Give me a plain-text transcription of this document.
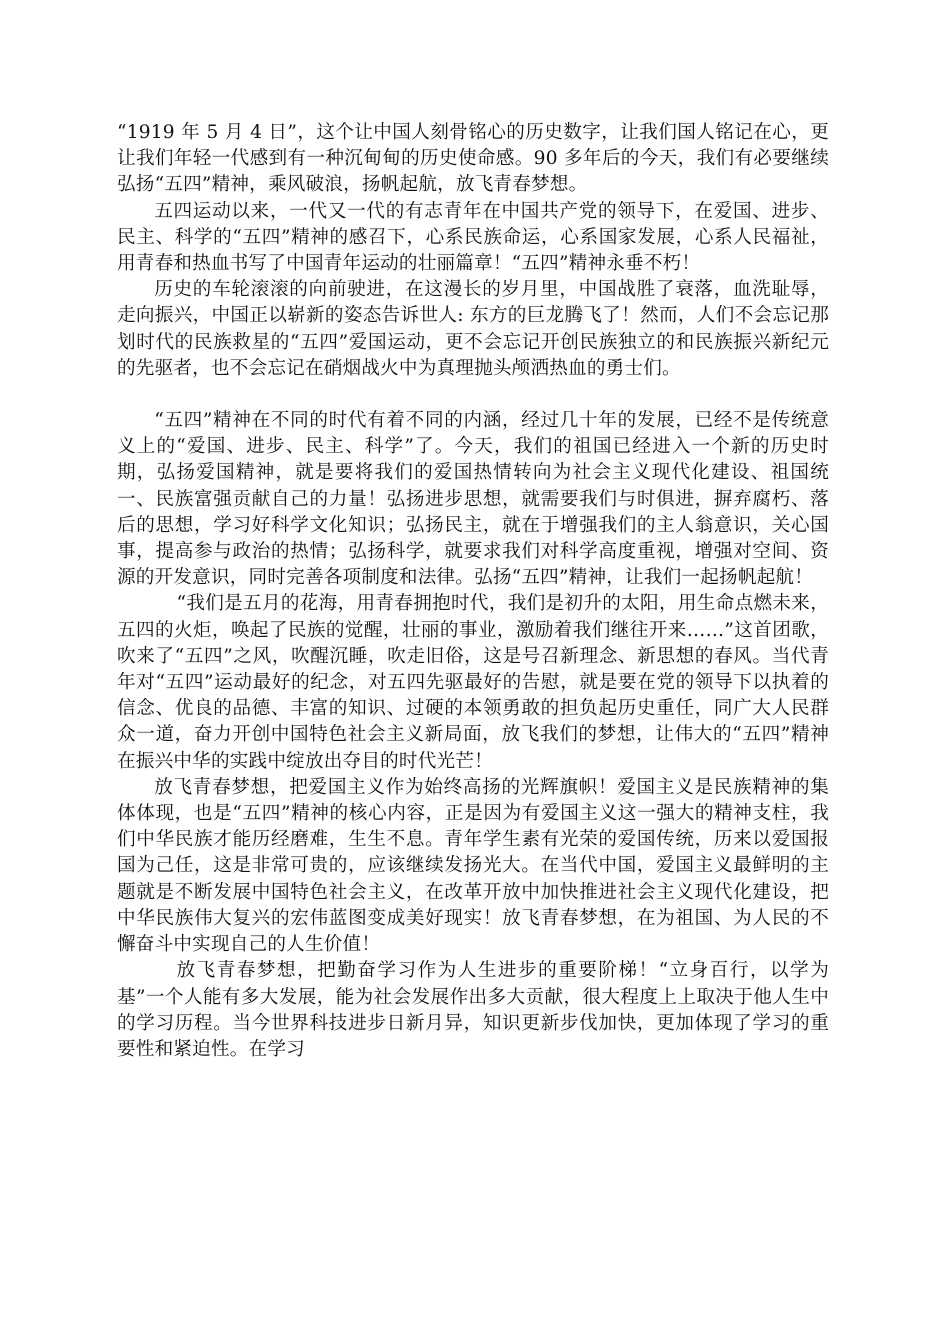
“1919 年 5 月 4 日”，这个让中国人刻骨铭心的历史数字，让我们国人铭记在心，更让我们年轻一代感到有一种沉甸甸的历史使命感。90 多年后的今天，我们有必要继续弘扬“五四”精神，乘风破浪，扬帆起航，放飞青春梦想。

五四运动以来，一代又一代的有志青年在中国共产党的领导下，在爱国、进步、民主、科学的“五四”精神的感召下，心系民族命运，心系国家发展，心系人民福祉，用青春和热血书写了中国青年运动的壮丽篇章！“五四”精神永垂不朽！

历史的车轮滚滚的向前驶进，在这漫长的岁月里，中国战胜了衰落，血洗耻辱，走向振兴，中国正以崭新的姿态告诉世人: 东方的巨龙腾飞了！然而，人们不会忘记那划时代的民族救星的“五四”爱国运动，更不会忘记开创民族独立的和民族振兴新纪元的先驱者，也不会忘记在硝烟战火中为真理抛头颅洒热血的勇士们。

“五四”精神在不同的时代有着不同的内涵，经过几十年的发展，已经不是传统意义上的“爱国、进步、民主、科学”了。今天，我们的祖国已经进入一个新的历史时期，弘扬爱国精神，就是要将我们的爱国热情转向为社会主义现代化建设、祖国统一、民族富强贡献自己的力量！弘扬进步思想，就需要我们与时俱进，摒弃腐朽、落后的思想，学习好科学文化知识；弘扬民主，就在于增强我们的主人翁意识，关心国事，提高参与政治的热情；弘扬科学，就要求我们对科学高度重视，增强对空间、资源的开发意识，同时完善各项制度和法律。弘扬“五四”精神，让我们一起扬帆起航！

“我们是五月的花海，用青春拥抱时代，我们是初升的太阳，用生命点燃未来，五四的火炬，唤起了民族的觉醒，壮丽的事业，激励着我们继往开来……”这首团歌，吹来了“五四”之风，吹醒沉睡，吹走旧俗，这是号召新理念、新思想的春风。当代青年对“五四”运动最好的纪念，对五四先驱最好的告慰，就是要在党的领导下以执着的信念、优良的品德、丰富的知识、过硬的本领勇敢的担负起历史重任，同广大人民群众一道，奋力开创中国特色社会主义新局面，放飞我们的梦想，让伟大的“五四”精神在振兴中华的实践中绽放出夺目的时代光芒！

放飞青春梦想，把爱国主义作为始终高扬的光辉旗帜！爱国主义是民族精神的集体体现，也是“五四”精神的核心内容，正是因为有爱国主义这一强大的精神支柱，我们中华民族才能历经磨难，生生不息。青年学生素有光荣的爱国传统，历来以爱国报国为己任，这是非常可贵的，应该继续发扬光大。在当代中国，爱国主义最鲜明的主题就是不断发展中国特色社会主义，在改革开放中加快推进社会主义现代化建设，把中华民族伟大复兴的宏伟蓝图变成美好现实！放飞青春梦想，在为祖国、为人民的不懈奋斗中实现自己的人生价值！

放飞青春梦想，把勤奋学习作为人生进步的重要阶梯！“立身百行，以学为基”一个人能有多大发展，能为社会发展作出多大贡献，很大程度上上取决于他人生中的学习历程。当今世界科技进步日新月异，知识更新步伐加快，更加体现了学习的重要性和紧迫性。在学习
